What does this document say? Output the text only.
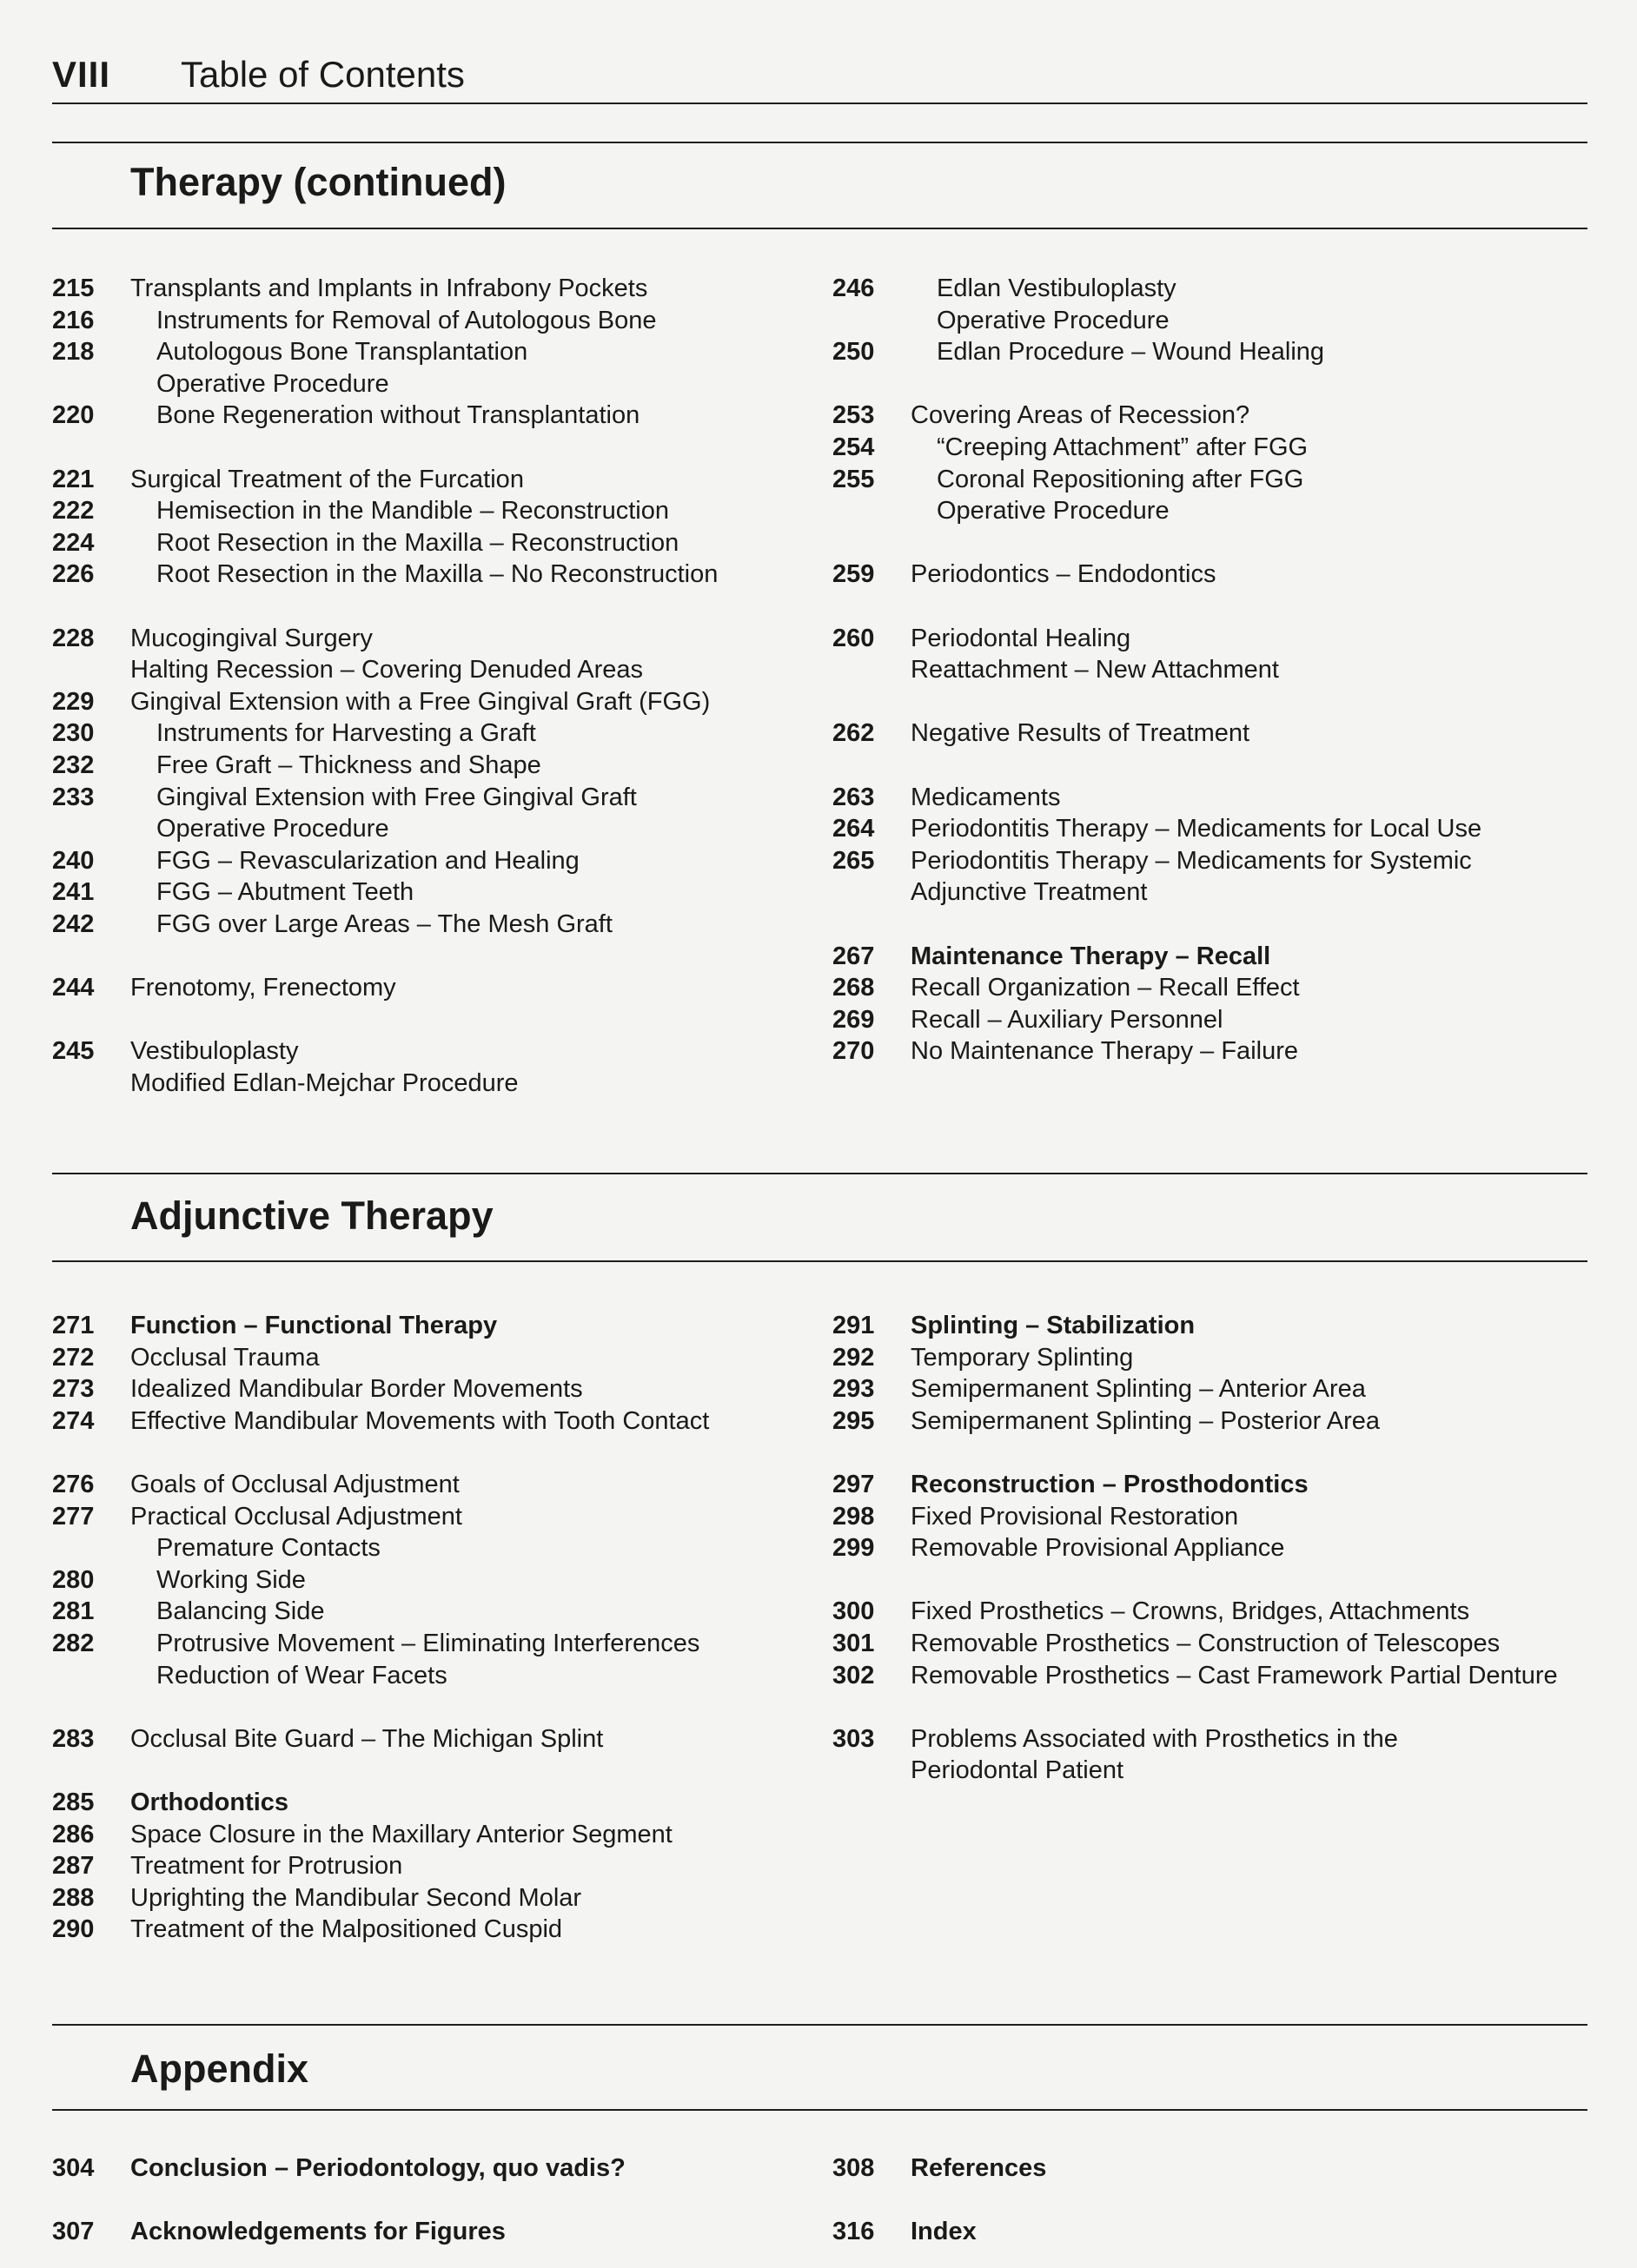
VIII Table of Contents
Therapy (continued)
215	Transplants and Implants in Infrabony Pockets
216	Instruments for Removal of Autologous Bone
218	Autologous Bone Transplantation
Operative Procedure
220	Bone Regeneration without Transplantation
221	Surgical Treatment of the Furcation
222	Hemisection in the Mandible – Reconstruction
224	Root Resection in the Maxilla – Reconstruction
226	Root Resection in the Maxilla – No Reconstruction
228	Mucogingival Surgery
Halting Recession – Covering Denuded Areas
229	Gingival Extension with a Free Gingival Graft (FGG)
230	Instruments for Harvesting a Graft
232	Free Graft – Thickness and Shape
233	Gingival Extension with Free Gingival Graft
Operative Procedure
240	FGG – Revascularization and Healing
241	FGG – Abutment Teeth
242	FGG over Large Areas – The Mesh Graft
244	Frenotomy, Frenectomy
245	Vestibuloplasty
Modified Edlan-Mejchar Procedure
246	Edlan Vestibuloplasty
Operative Procedure
250	Edlan Procedure – Wound Healing
253	Covering Areas of Recession?
254	“Creeping Attachment” after FGG
255	Coronal Repositioning after FGG
Operative Procedure
259	Periodontics – Endodontics
260	Periodontal Healing
Reattachment – New Attachment
262	Negative Results of Treatment
263	Medicaments
264	Periodontitis Therapy – Medicaments for Local Use
265	Periodontitis Therapy – Medicaments for Systemic
Adjunctive Treatment
267	Maintenance Therapy – Recall
268	Recall Organization – Recall Effect
269	Recall – Auxiliary Personnel
270	No Maintenance Therapy – Failure
Adjunctive Therapy
271	Function – Functional Therapy
272	Occlusal Trauma
273	Idealized Mandibular Border Movements
274	Effective Mandibular Movements with Tooth Contact
276	Goals of Occlusal Adjustment
277	Practical Occlusal Adjustment
Premature Contacts
280	Working Side
281	Balancing Side
282	Protrusive Movement – Eliminating Interferences
Reduction of Wear Facets
283	Occlusal Bite Guard – The Michigan Splint
285	Orthodontics
286	Space Closure in the Maxillary Anterior Segment
287	Treatment for Protrusion
288	Uprighting the Mandibular Second Molar
290	Treatment of the Malpositioned Cuspid
291	Splinting – Stabilization
292	Temporary Splinting
293	Semipermanent Splinting – Anterior Area
295	Semipermanent Splinting – Posterior Area
297	Reconstruction – Prosthodontics
298	Fixed Provisional Restoration
299	Removable Provisional Appliance
300	Fixed Prosthetics – Crowns, Bridges, Attachments
301	Removable Prosthetics – Construction of Telescopes
302	Removable Prosthetics – Cast Framework Partial Denture
303	Problems Associated with Prosthetics in the
Periodontal Patient
Appendix
304	Conclusion – Periodontology, quo vadis?
307	Acknowledgements for Figures
308	References
316	Index
